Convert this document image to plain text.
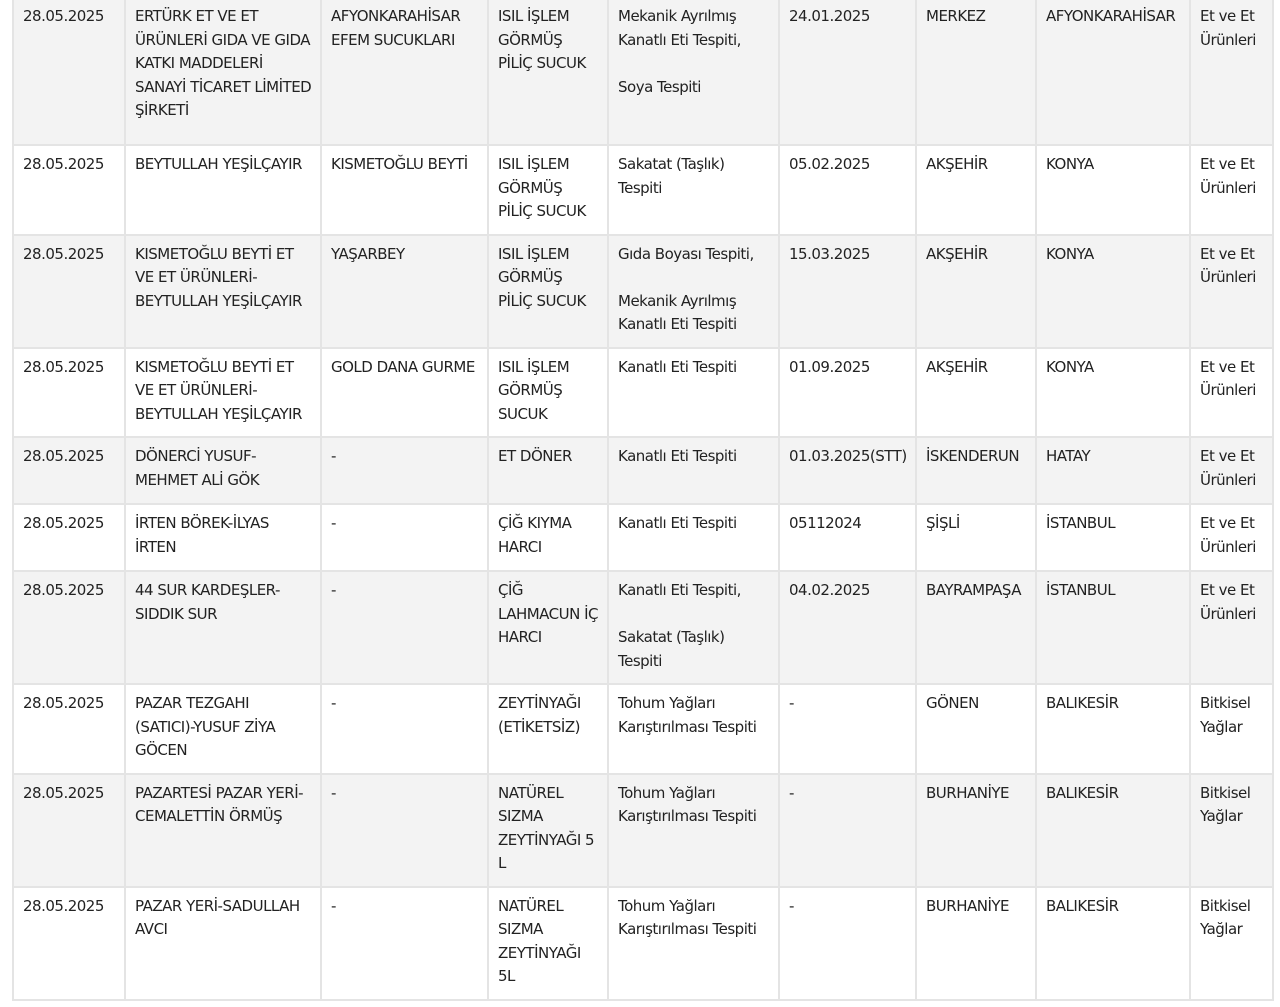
28.05.2025	ERTÜRK ET VE ET ÜRÜNLERİ GIDA VE GIDA KATKI MADDELERİ SANAYİ TİCARET LİMİTED ŞİRKETİ	AFYONKARAHİSAR EFEM SUCUKLARI	ISIL İŞLEM GÖRMÜŞ PİLİÇ SUCUK	Mekanik Ayrılmış Kanatlı Eti Tespiti,
Soya Tespiti	24.01.2025	MERKEZ	AFYONKARAHİSAR	Et ve Et Ürünleri
28.05.2025	BEYTULLAH YEŞİLÇAYIR	KISMETOĞLU BEYTİ	ISIL İŞLEM GÖRMÜŞ PİLİÇ SUCUK	Sakatat (Taşlık) Tespiti	05.02.2025	AKŞEHİR	KONYA	Et ve Et Ürünleri
28.05.2025	KISMETOĞLU BEYTİ ET VE ET ÜRÜNLERİ-BEYTULLAH YEŞİLÇAYIR	YAŞARBEY	ISIL İŞLEM GÖRMÜŞ PİLİÇ SUCUK	Gıda Boyası Tespiti,
Mekanik Ayrılmış Kanatlı Eti Tespiti	15.03.2025	AKŞEHİR	KONYA	Et ve Et Ürünleri
28.05.2025	KISMETOĞLU BEYTİ ET VE ET ÜRÜNLERİ-BEYTULLAH YEŞİLÇAYIR	GOLD DANA GURME	ISIL İŞLEM GÖRMÜŞ SUCUK	Kanatlı Eti Tespiti	01.09.2025	AKŞEHİR	KONYA	Et ve Et Ürünleri
28.05.2025	DÖNERCİ YUSUF-MEHMET ALİ GÖK	-	ET DÖNER	Kanatlı Eti Tespiti	01.03.2025(STT)	İSKENDERUN	HATAY	Et ve Et Ürünleri
28.05.2025	İRTEN BÖREK-İLYAS İRTEN	-	ÇİĞ KIYMA HARCI	Kanatlı Eti Tespiti	05112024	ŞİŞLİ	İSTANBUL	Et ve Et Ürünleri
28.05.2025	44 SUR KARDEŞLER-SIDDIK SUR	-	ÇİĞ LAHMACUN İÇ HARCI	Kanatlı Eti Tespiti,
Sakatat (Taşlık) Tespiti	04.02.2025	BAYRAMPAŞA	İSTANBUL	Et ve Et Ürünleri
28.05.2025	PAZAR TEZGAHI (SATICI)-YUSUF ZİYA GÖCEN	-	ZEYTİNYAĞI (ETİKETSİZ)	Tohum Yağları Karıştırılması Tespiti	-	GÖNEN	BALIKESİR	Bitkisel Yağlar
28.05.2025	PAZARTESİ PAZAR YERİ-CEMALETTİN ÖRMÜŞ	-	NATÜREL SIZMA ZEYTİNYAĞI 5 L	Tohum Yağları Karıştırılması Tespiti	-	BURHANİYE	BALIKESİR	Bitkisel Yağlar
28.05.2025	PAZAR YERİ-SADULLAH AVCI	-	NATÜREL SIZMA ZEYTİNYAĞI 5L	Tohum Yağları Karıştırılması Tespiti	-	BURHANİYE	BALIKESİR	Bitkisel Yağlar
